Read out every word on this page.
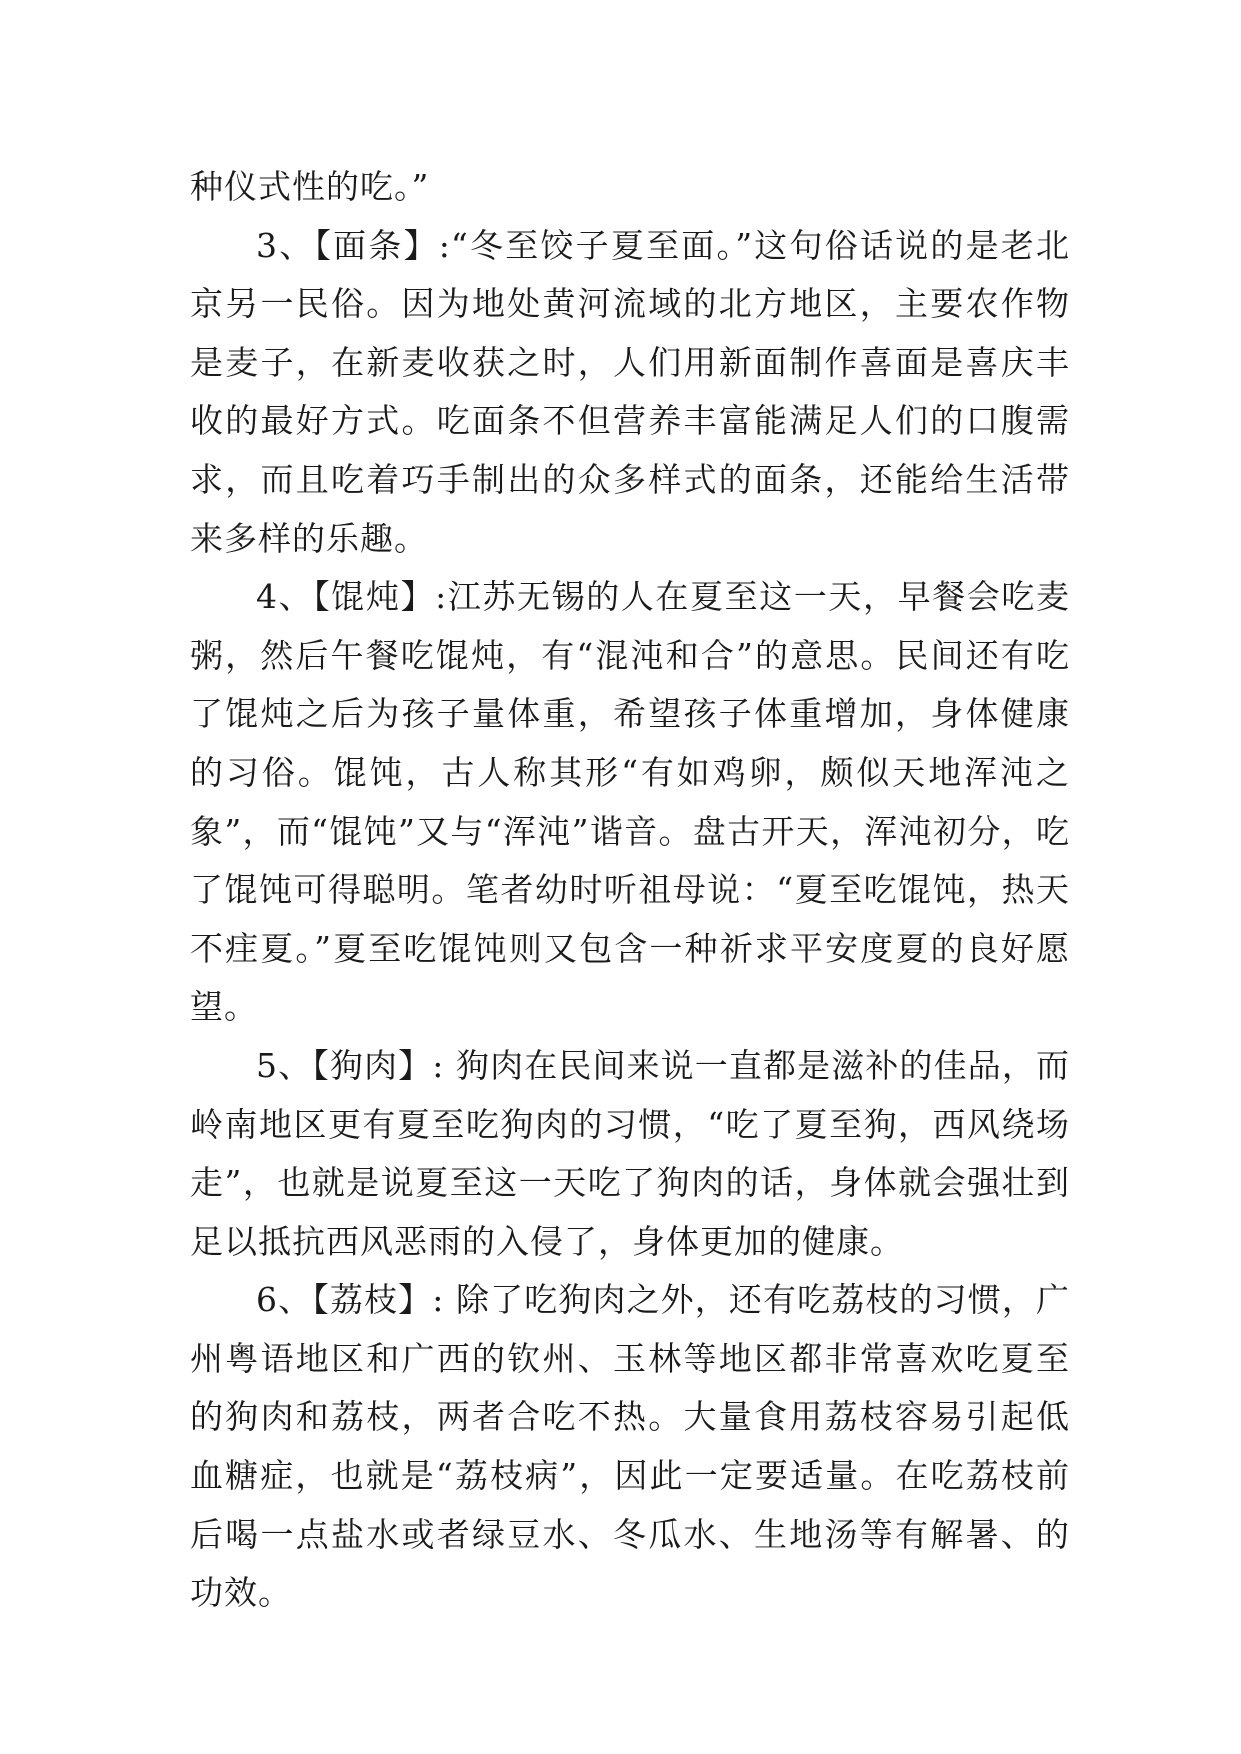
种仪式性的吃。”

3、【面条】:“冬至饺子夏至面。”这句俗话说的是老北京另一民俗。因为地处黄河流域的北方地区，主要农作物是麦子，在新麦收获之时，人们用新面制作喜面是喜庆丰收的最好方式。吃面条不但营养丰富能满足人们的口腹需求，而且吃着巧手制出的众多样式的面条，还能给生活带来多样的乐趣。

4、【馄炖】:江苏无锡的人在夏至这一天，早餐会吃麦粥，然后午餐吃馄炖，有“混沌和合”的意思。民间还有吃了馄炖之后为孩子量体重，希望孩子体重增加，身体健康的习俗。馄饨，古人称其形“有如鸡卵，颇似天地浑沌之象”，而“馄饨”又与“浑沌”谐音。盘古开天，浑沌初分，吃了馄饨可得聪明。笔者幼时听祖母说：“夏至吃馄饨，热天不疰夏。”夏至吃馄饨则又包含一种祈求平安度夏的良好愿望。

5、【狗肉】: 狗肉在民间来说一直都是滋补的佳品，而岭南地区更有夏至吃狗肉的习惯，“吃了夏至狗，西风绕场走”，也就是说夏至这一天吃了狗肉的话，身体就会强壮到足以抵抗西风恶雨的入侵了，身体更加的健康。

6、【荔枝】: 除了吃狗肉之外，还有吃荔枝的习惯，广州粤语地区和广西的钦州、玉林等地区都非常喜欢吃夏至的狗肉和荔枝，两者合吃不热。大量食用荔枝容易引起低血糖症，也就是“荔枝病”，因此一定要适量。在吃荔枝前后喝一点盐水或者绿豆水、冬瓜水、生地汤等有解暑、的功效。
